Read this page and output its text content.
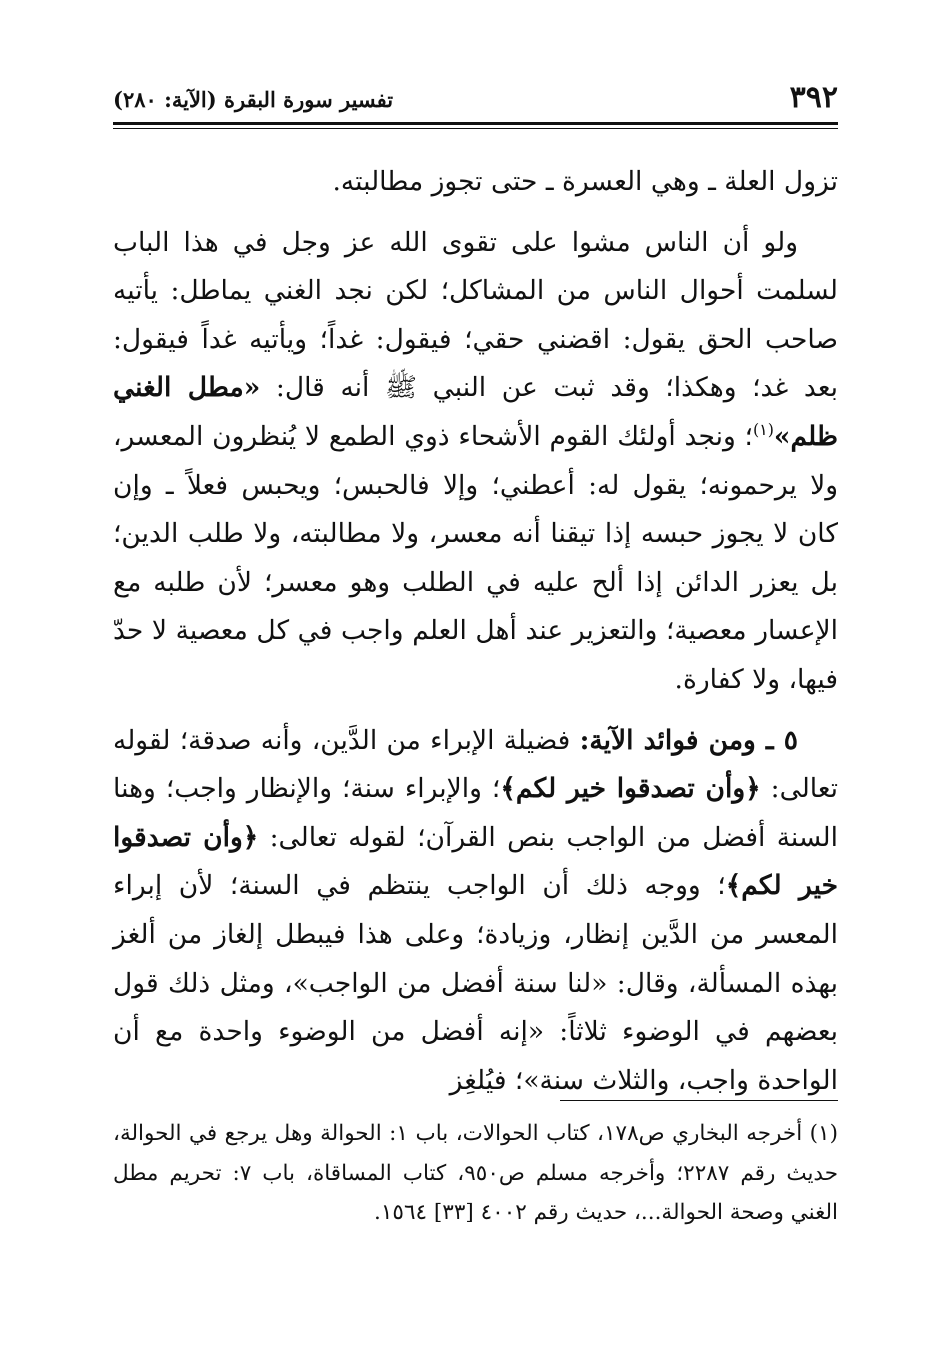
٣٩٢
تفسير سورة البقرة (الآية: ٢٨٠)

تزول العلة ـ وهي العسرة ـ حتى تجوز مطالبته.

ولو أن الناس مشوا على تقوى الله عز وجل في هذا الباب لسلمت أحوال الناس من المشاكل؛ لكن نجد الغني يماطل: يأتيه صاحب الحق يقول: اقضني حقي؛ فيقول: غداً؛ ويأتيه غداً فيقول: بعد غد؛ وهكذا؛ وقد ثبت عن النبي ﷺ أنه قال: «مطل الغني ظلم»$^{(١)}$؛ ونجد أولئك القوم الأشحاء ذوي الطمع لا يُنظرون المعسر، ولا يرحمونه؛ يقول له: أعطني؛ وإلا فالحبس؛ ويحبس فعلاً ـ وإن كان لا يجوز حبسه إذا تيقنا أنه معسر، ولا مطالبته، ولا طلب الدين؛ بل يعزر الدائن إذا ألح عليه في الطلب وهو معسر؛ لأن طلبه مع الإعسار معصية؛ والتعزير عند أهل العلم واجب في كل معصية لا حدّ فيها، ولا كفارة.

٥ ـ ومن فوائد الآية: فضيلة الإبراء من الدَّين، وأنه صدقة؛ لقوله تعالى: ﴿وأن تصدقوا خير لكم﴾؛ والإبراء سنة؛ والإنظار واجب؛ وهنا السنة أفضل من الواجب بنص القرآن؛ لقوله تعالى: ﴿وأن تصدقوا خير لكم﴾؛ ووجه ذلك أن الواجب ينتظم في السنة؛ لأن إبراء المعسر من الدَّين إنظار، وزيادة؛ وعلى هذا فيبطل إلغاز من ألغز بهذه المسألة، وقال: «لنا سنة أفضل من الواجب»، ومثل ذلك قول بعضهم في الوضوء ثلاثاً: «إنه أفضل من الوضوء واحدة مع أن الواحدة واجب، والثلاث سنة»؛ فيُلغِز

(١) أخرجه البخاري ص١٧٨، كتاب الحوالات، باب ١: الحوالة وهل يرجع في الحوالة، حديث رقم ٢٢٨٧؛ وأخرجه مسلم ص٩٥٠، كتاب المساقاة، باب ٧: تحريم مطل الغني وصحة الحوالة...، حديث رقم ٤٠٠٢ [٣٣] ١٥٦٤.
